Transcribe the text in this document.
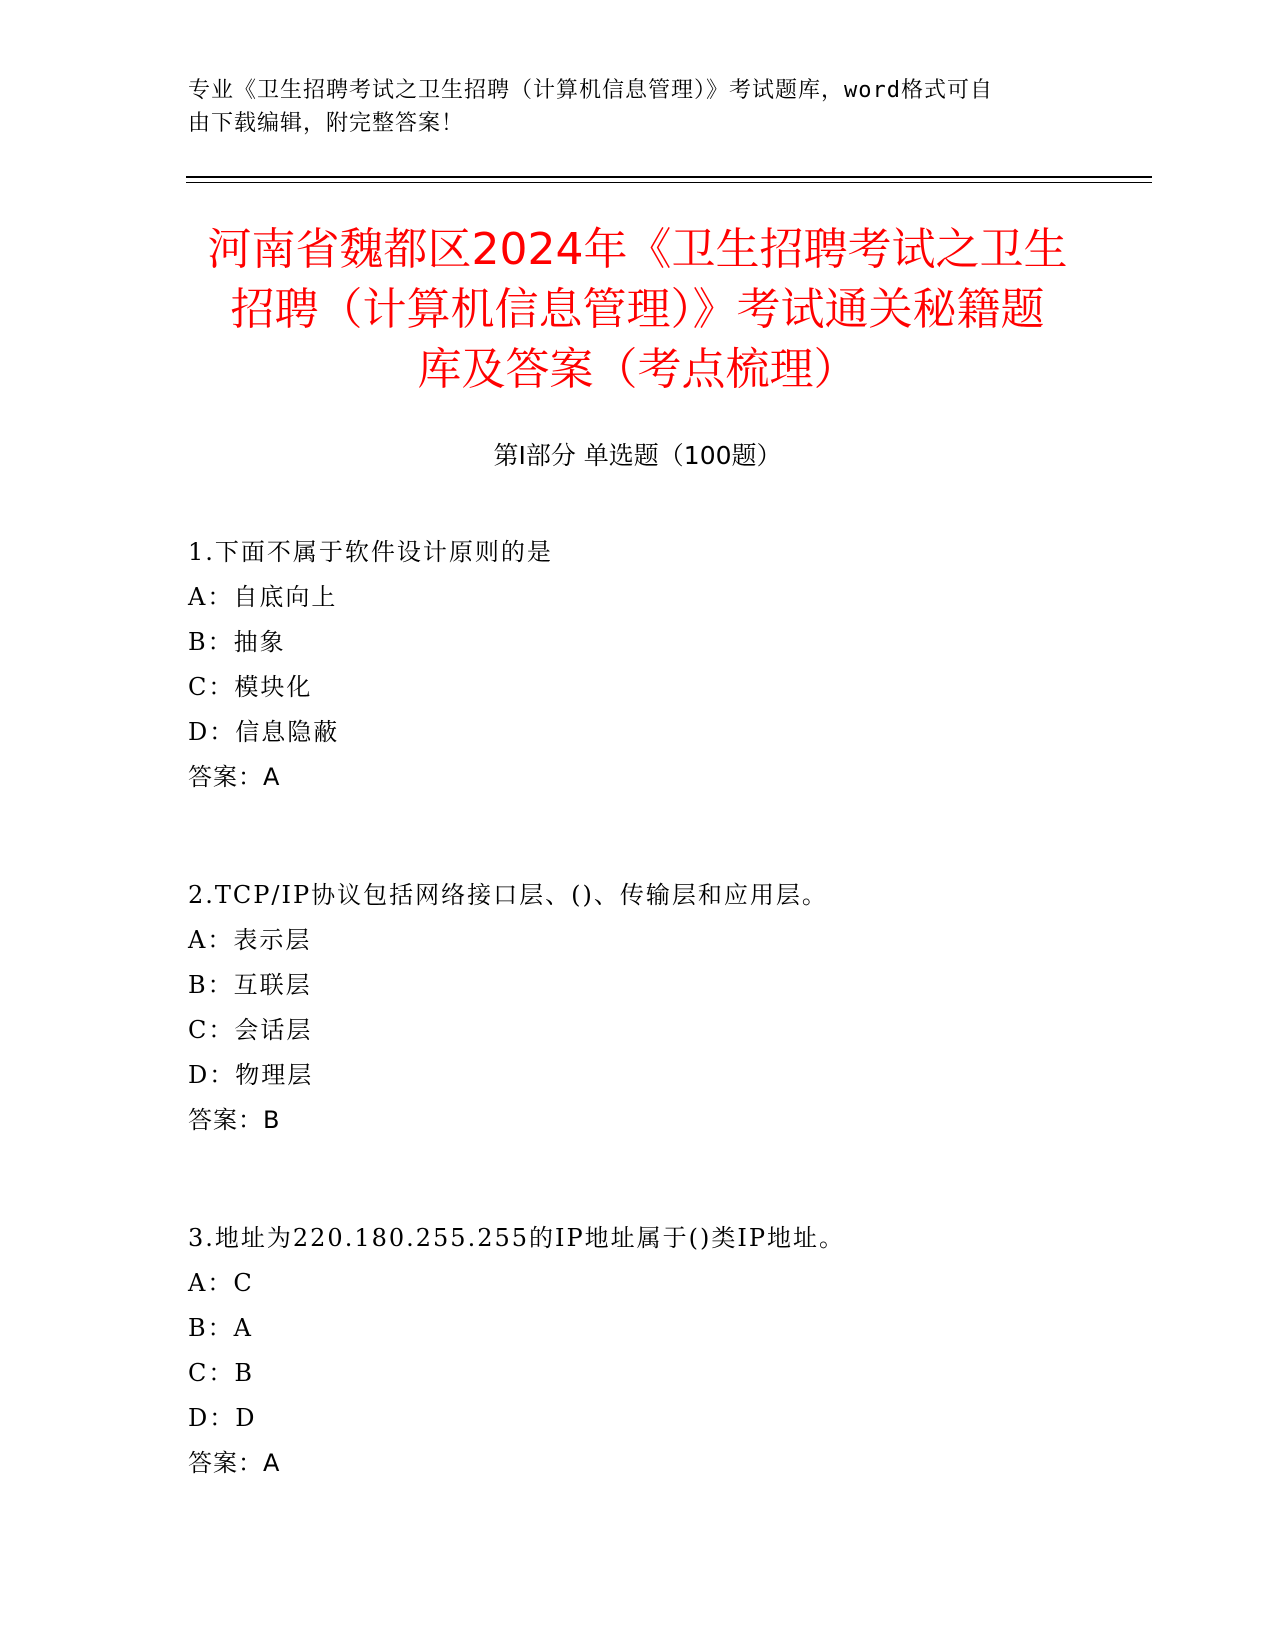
专业《卫生招聘考试之卫生招聘（计算机信息管理）》考试题库，word格式可自
由下载编辑，附完整答案！
河南省魏都区2024年《卫生招聘考试之卫生
招聘（计算机信息管理）》考试通关秘籍题
库及答案（考点梳理）
第I部分 单选题（100题）
1.下面不属于软件设计原则的是
A：自底向上
B：抽象
C：模块化
D：信息隐蔽
答案：A
2.TCP/IP协议包括网络接口层、()、传输层和应用层。
A：表示层
B：互联层
C：会话层
D：物理层
答案：B
3.地址为220.180.255.255的IP地址属于()类IP地址。
A：C
B：A
C：B
D：D
答案：A
